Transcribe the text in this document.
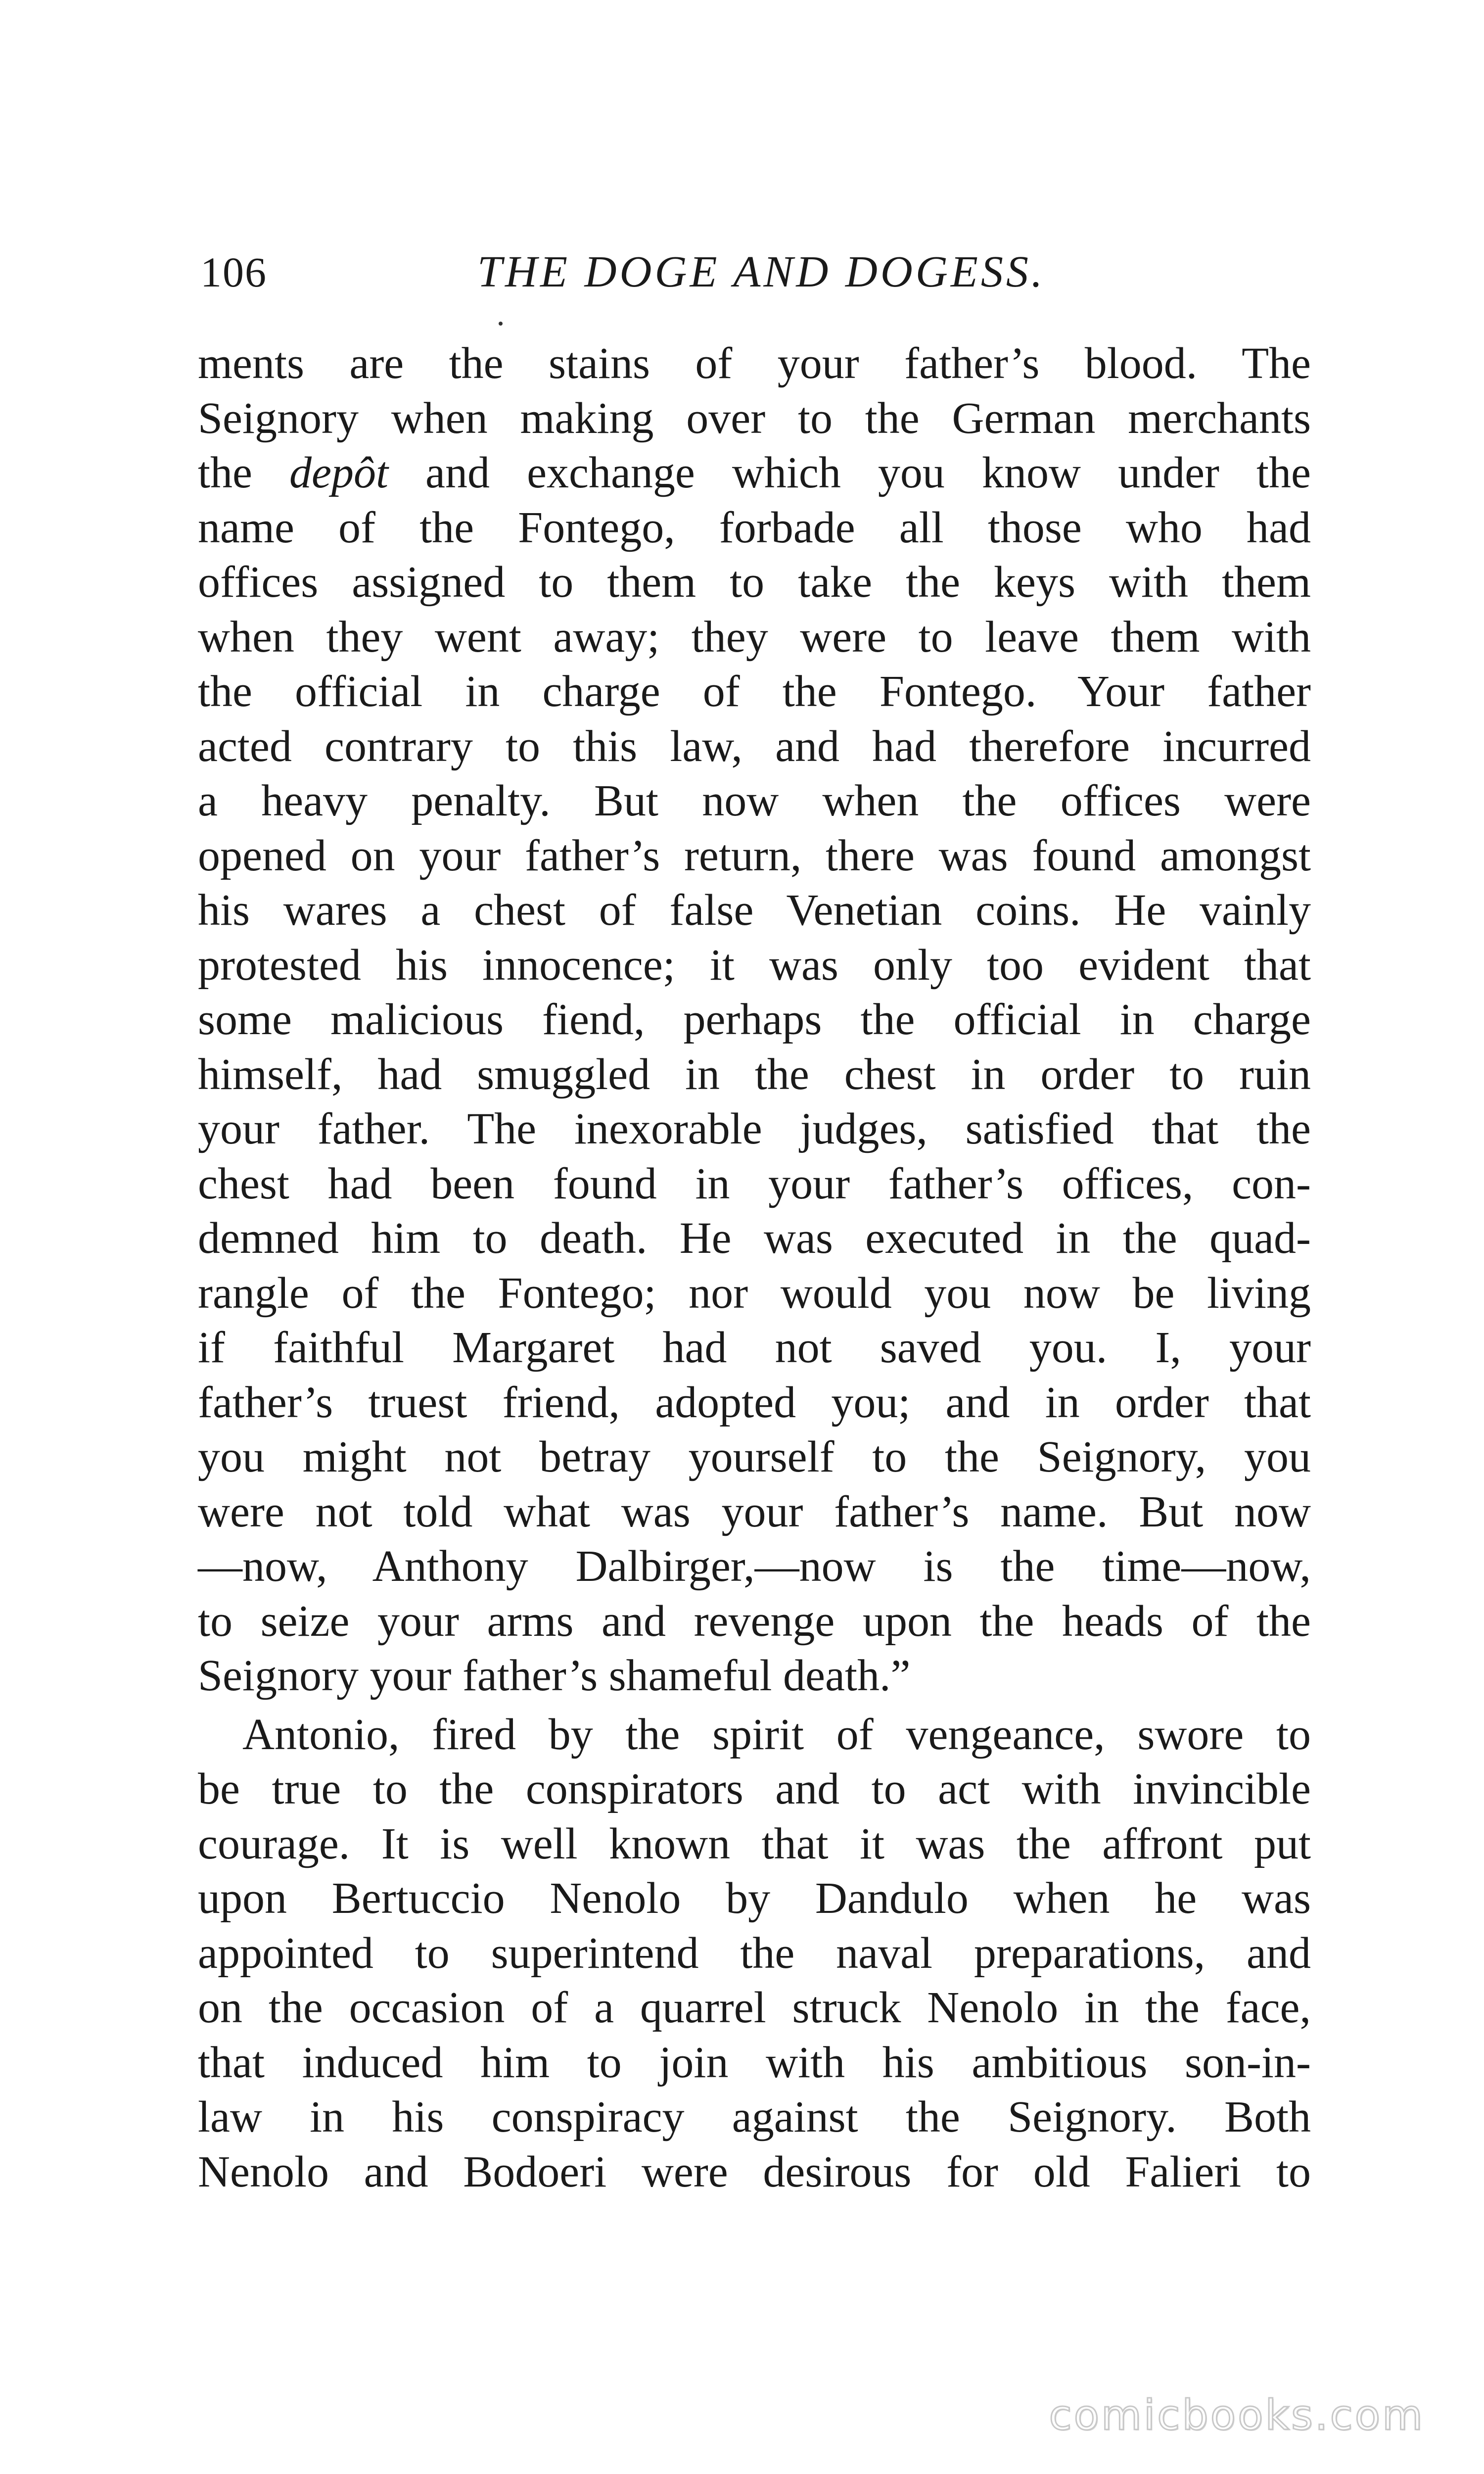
106	THE DOGE AND DOGESS.
ments are the stains of your father’s blood. The
Seignory when making over to the German merchants
the depôt and exchange which you know under the
name of the Fontego, forbade all those who had
offices assigned to them to take the keys with them
when they went away; they were to leave them with
the official in charge of the Fontego. Your father
acted contrary to this law, and had therefore incurred
a heavy penalty. But now when the offices were
opened on your father’s return, there was found amongst
his wares a chest of false Venetian coins. He vainly
protested his innocence; it was only too evident that
some malicious fiend, perhaps the official in charge
himself, had smuggled in the chest in order to ruin
your father. The inexorable judges, satisfied that the
chest had been found in your father’s offices, con-
demned him to death. He was executed in the quad-
rangle of the Fontego; nor would you now be living
if faithful Margaret had not saved you. I, your
father’s truest friend, adopted you; and in order that
you might not betray yourself to the Seignory, you
were not told what was your father’s name. But now
—now, Anthony Dalbirger,—now is the time—now,
to seize your arms and revenge upon the heads of the
Seignory your father’s shameful death.”
Antonio, fired by the spirit of vengeance, swore to
be true to the conspirators and to act with invincible
courage. It is well known that it was the affront put
upon Bertuccio Nenolo by Dandulo when he was
appointed to superintend the naval preparations, and
on the occasion of a quarrel struck Nenolo in the face,
that induced him to join with his ambitious son-in-
law in his conspiracy against the Seignory. Both
Nenolo and Bodoeri were desirous for old Falieri to
comicbooks.com
